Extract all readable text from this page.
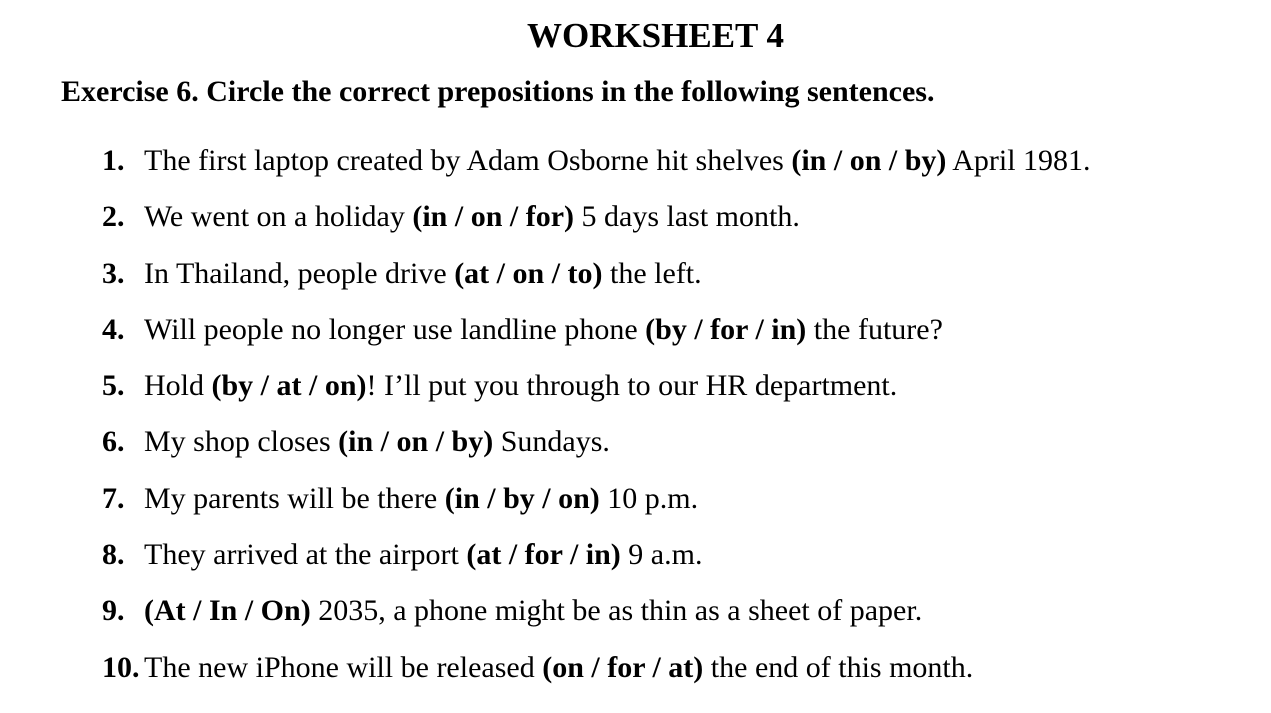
WORKSHEET 4
Exercise 6. Circle the correct prepositions in the following sentences.
1. The first laptop created by Adam Osborne hit shelves (in / on / by) April 1981.
2. We went on a holiday (in / on / for) 5 days last month.
3. In Thailand, people drive (at / on / to) the left.
4. Will people no longer use landline phone (by / for / in) the future?
5. Hold (by / at / on)! I’ll put you through to our HR department.
6. My shop closes (in / on / by) Sundays.
7. My parents will be there (in / by / on) 10 p.m.
8. They arrived at the airport (at / for / in) 9 a.m.
9. (At / In / On) 2035, a phone might be as thin as a sheet of paper.
10. The new iPhone will be released (on / for / at) the end of this month.
